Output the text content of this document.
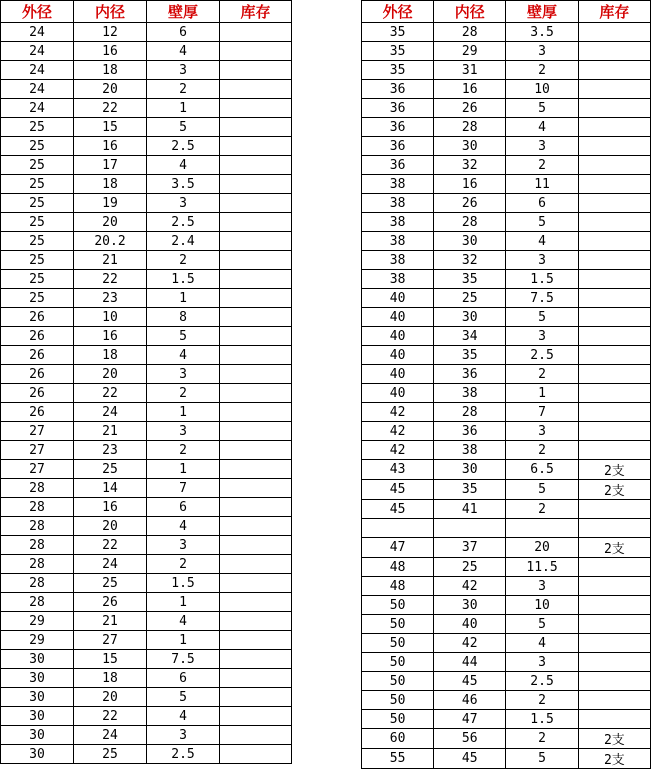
外径	内径	壁厚	库存
24	12	6	
24	16	4	
24	18	3	
24	20	2	
24	22	1	
25	15	5	
25	16	2.5	
25	17	4	
25	18	3.5	
25	19	3	
25	20	2.5	
25	20.2	2.4	
25	21	2	
25	22	1.5	
25	23	1	
26	10	8	
26	16	5	
26	18	4	
26	20	3	
26	22	2	
26	24	1	
27	21	3	
27	23	2	
27	25	1	
28	14	7	
28	16	6	
28	20	4	
28	22	3	
28	24	2	
28	25	1.5	
28	26	1	
29	21	4	
29	27	1	
30	15	7.5	
30	18	6	
30	20	5	
30	22	4	
30	24	3	
30	25	2.5	
外径	内径	壁厚	库存
35	28	3.5	
35	29	3	
35	31	2	
36	16	10	
36	26	5	
36	28	4	
36	30	3	
36	32	2	
38	16	11	
38	26	6	
38	28	5	
38	30	4	
38	32	3	
38	35	1.5	
40	25	7.5	
40	30	5	
40	34	3	
40	35	2.5	
40	36	2	
40	38	1	
42	28	7	
42	36	3	
42	38	2	
43	30	6.5	2支
45	35	5	2支
45	41	2	

47	37	20	2支
48	25	11.5	
48	42	3	
50	30	10	
50	40	5	
50	42	4	
50	44	3	
50	45	2.5	
50	46	2	
50	47	1.5	
60	56	2	2支
55	45	5	2支
